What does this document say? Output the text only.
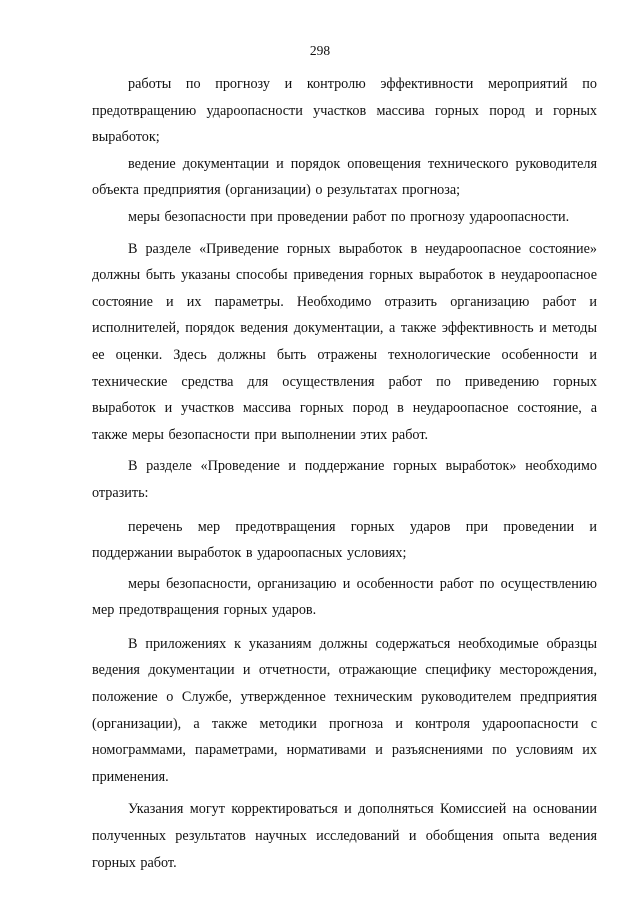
298

работы по прогнозу и контролю эффективности мероприятий по предотвращению удароопасности участков массива горных пород и горных выработок;

ведение документации и порядок оповещения технического руководителя объекта предприятия (организации) о результатах прогноза;

меры безопасности при проведении работ по прогнозу удароопасности.

В разделе «Приведение горных выработок в неудароопасное состояние» должны быть указаны способы приведения горных выработок в неудароопасное состояние и их параметры. Необходимо отразить организацию работ и исполнителей, порядок ведения документации, а также эффективность и методы ее оценки. Здесь должны быть отражены технологические особенности и технические средства для осуществления работ по приведению горных выработок и участков массива горных пород в неудароопасное состояние, а также меры безопасности при выполнении этих работ.

В разделе «Проведение и поддержание горных выработок» необходимо отразить:

перечень мер предотвращения горных ударов при проведении и поддержании выработок в удароопасных условиях;

меры безопасности, организацию и особенности работ по осуществлению мер предотвращения горных ударов.

В приложениях к указаниям должны содержаться необходимые образцы ведения документации и отчетности, отражающие специфику месторождения, положение о Службе, утвержденное техническим руководителем предприятия (организации), а также методики прогноза и контроля удароопасности с номограммами, параметрами, нормативами и разъяснениями по условиям их применения.

Указания могут корректироваться и дополняться Комиссией на основании полученных результатов научных исследований и обобщения опыта ведения горных работ.
